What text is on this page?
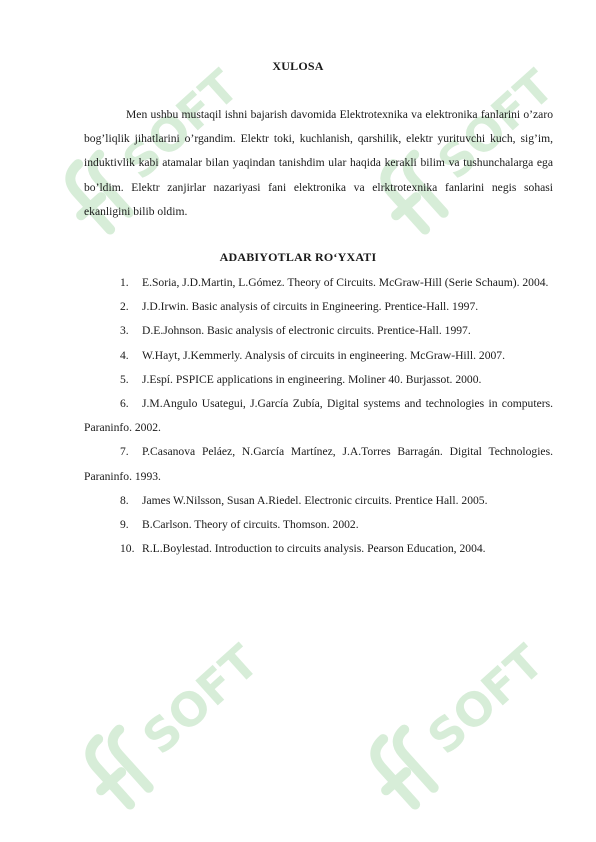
SOFT	SOFT
SOFT	SOFT
XULOSA

Men ushbu mustaqil ishni bajarish davomida Elektrotexnika va elektronika fanlarini o’zaro bog’liqlik jihatlarini o’rgandim. Elektr toki, kuchlanish, qarshilik, elektr yurituvchi kuch, sig’im, induktivlik kabi atamalar bilan yaqindan tanishdim ular haqida kerakli bilim va tushunchalarga ega bo’ldim. Elektr zanjirlar nazariyasi fani elektronika va elrktrotexnika fanlarini negis sohasi ekanligini bilib oldim.

ADABIYOTLAR RO‘YXATI
1. E.Soria, J.D.Martin, L.Gómez. Theory of Circuits. McGraw-Hill (Serie Schaum). 2004.
2. J.D.Irwin. Basic analysis of circuits in Engineering. Prentice-Hall. 1997.
3. D.E.Johnson. Basic analysis of electronic circuits. Prentice-Hall. 1997.
4. W.Hayt, J.Kemmerly. Analysis of circuits in engineering. McGraw-Hill. 2007.
5. J.Espí. PSPICE applications in engineering. Moliner 40. Burjassot. 2000.
6. J.M.Angulo Usategui, J.García Zubía, Digital systems and technologies in computers. Paraninfo. 2002.
7. P.Casanova Peláez, N.García Martínez, J.A.Torres Barragán. Digital Technologies. Paraninfo. 1993.
8. James W.Nilsson, Susan A.Riedel. Electronic circuits. Prentice Hall. 2005.
9. B.Carlson. Theory of circuits. Thomson. 2002.
10. R.L.Boylestad. Introduction to circuits analysis. Pearson Education, 2004.
